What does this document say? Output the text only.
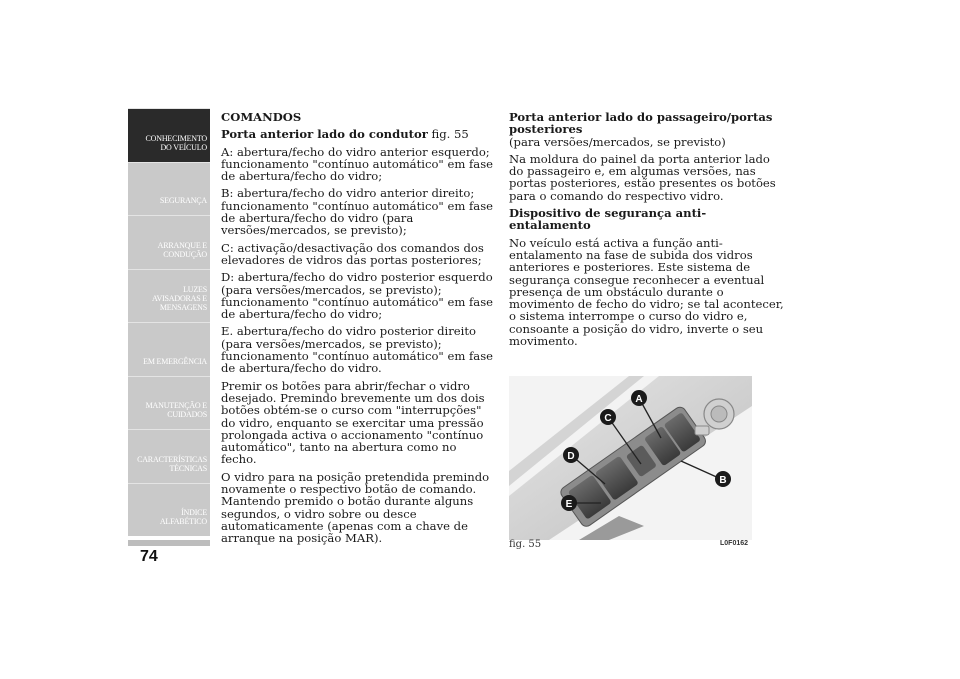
CONHECIMENTO
DO VEÍCULO
SEGURANÇA
ARRANQUE E
CONDUÇÃO
LUZES
AVISADORAS E
MENSAGENS
EM EMERGÊNCIA
MANUTENÇÃO E
CUIDADOS
CARACTERÍSTICAS
TÉCNICAS
ÍNDICE
ALFABÉTICO
74

COMANDOS

Porta anterior lado do condutor fig. 55

A: abertura/fecho do vidro anterior esquerdo; funcionamento "contínuo automático" em fase de abertura/fecho do vidro;

B: abertura/fecho do vidro anterior direito; funcionamento "contínuo automático" em fase de abertura/fecho do vidro (para versões/mercados, se previsto);

C: activação/desactivação dos comandos dos elevadores de vidros das portas posteriores;

D: abertura/fecho do vidro posterior esquerdo (para versões/mercados, se previsto); funcionamento "contínuo automático" em fase de abertura/fecho do vidro;

E. abertura/fecho do vidro posterior direito (para versões/mercados, se previsto); funcionamento "contínuo automático" em fase de abertura/fecho do vidro.

Premir os botões para abrir/fechar o vidro desejado. Premindo brevemente um dos dois botões obtém-se o curso com "interrupções" do vidro, enquanto se exercitar uma pressão prolongada activa o accionamento "contínuo automático", tanto na abertura como no fecho.

O vidro para na posição pretendida premindo novamente o respectivo botão de comando. Mantendo premido o botão durante alguns segundos, o vidro sobre ou desce automaticamente (apenas com a chave de arranque na posição MAR).

Porta anterior lado do passageiro/portas posteriores
(para versões/mercados, se previsto)

Na moldura do painel da porta anterior lado do passageiro e, em algumas versões, nas portas posteriores, estão presentes os botões para o comando do respectivo vidro.

Dispositivo de segurança anti-entalamento

No veículo está activa a função anti-entalamento na fase de subida dos vidros anteriores e posteriores. Este sistema de segurança consegue reconhecer a eventual presença de um obstáculo durante o movimento de fecho do vidro; se tal acontecer, o sistema interrompe o curso do vidro e, consoante a posição do vidro, inverte o seu movimento.

A
C
D
E
B
fig. 55	L0F0162
